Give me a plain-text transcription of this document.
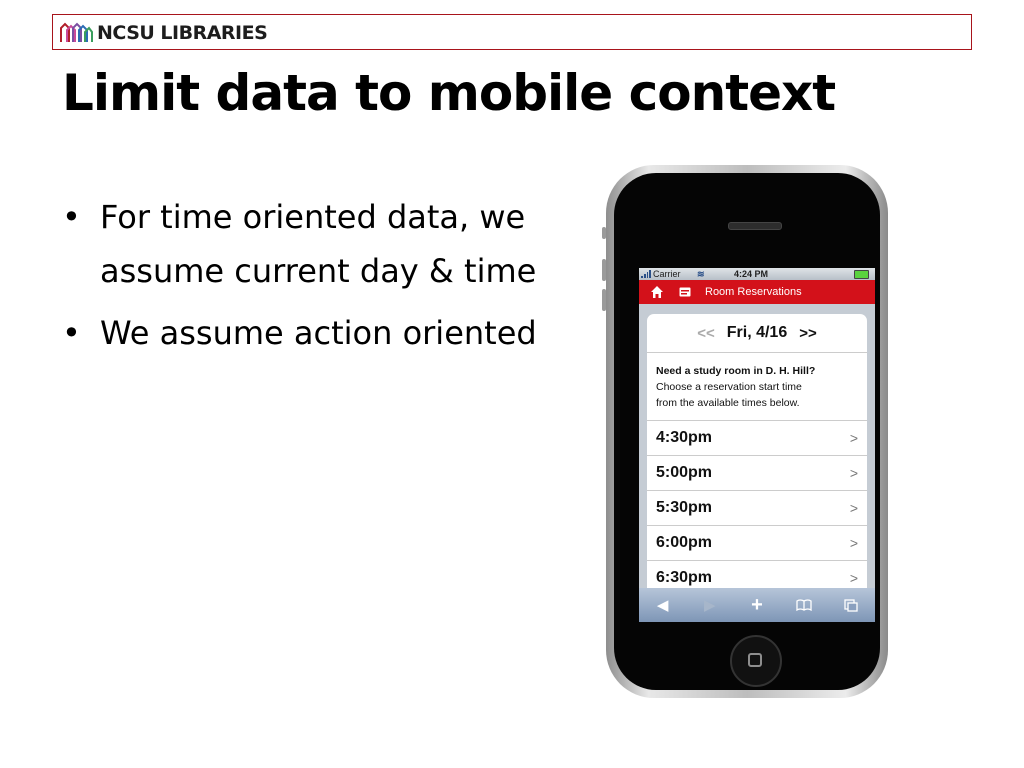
NCSU LIBRARIES
Limit data to mobile context
• For time oriented data, we assume current day & time
• We assume action oriented
Carrier ≋	4:24 PM
Room Reservations
<< Fri, 4/16 >>
Need a study room in D. H. Hill?
Choose a reservation start time
from the available times below.
4:30pm	>
5:00pm	>
5:30pm	>
6:00pm	>
6:30pm	>
◀	▶ +
